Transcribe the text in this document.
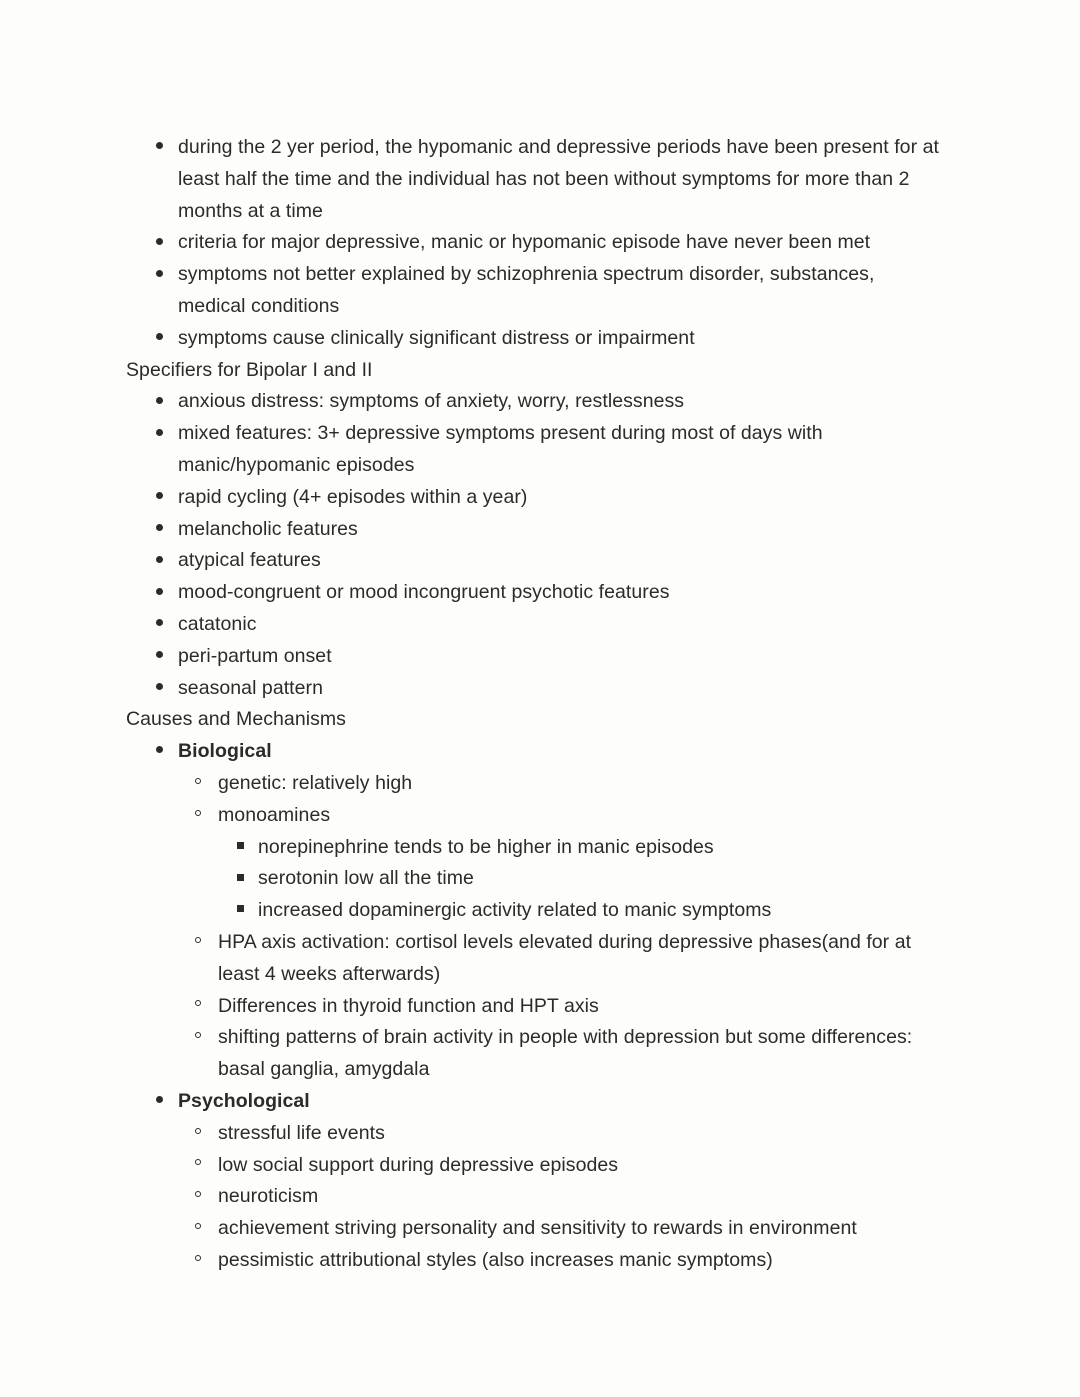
during the 2 yer period, the hypomanic and depressive periods have been present for at least half the time and the individual has not been without symptoms for more than 2 months at a time
criteria for major depressive, manic or hypomanic episode have never been met
symptoms not better explained by schizophrenia spectrum disorder, substances, medical conditions
symptoms cause clinically significant distress or impairment
Specifiers for Bipolar I and II
anxious distress: symptoms of anxiety, worry, restlessness
mixed features: 3+ depressive symptoms present during most of days with manic/hypomanic episodes
rapid cycling (4+ episodes within a year)
melancholic features
atypical features
mood-congruent or mood incongruent psychotic features
catatonic
peri-partum onset
seasonal pattern
Causes and Mechanisms
Biological
genetic: relatively high
monoamines
norepinephrine tends to be higher in manic episodes
serotonin low all the time
increased dopaminergic activity related to manic symptoms
HPA axis activation: cortisol levels elevated during depressive phases(and for at least 4 weeks afterwards)
Differences in thyroid function and HPT axis
shifting patterns of brain activity in people with depression but some differences: basal ganglia, amygdala
Psychological
stressful life events
low social support during depressive episodes
neuroticism
achievement striving personality and sensitivity to rewards in environment
pessimistic attributional styles (also increases manic symptoms)
